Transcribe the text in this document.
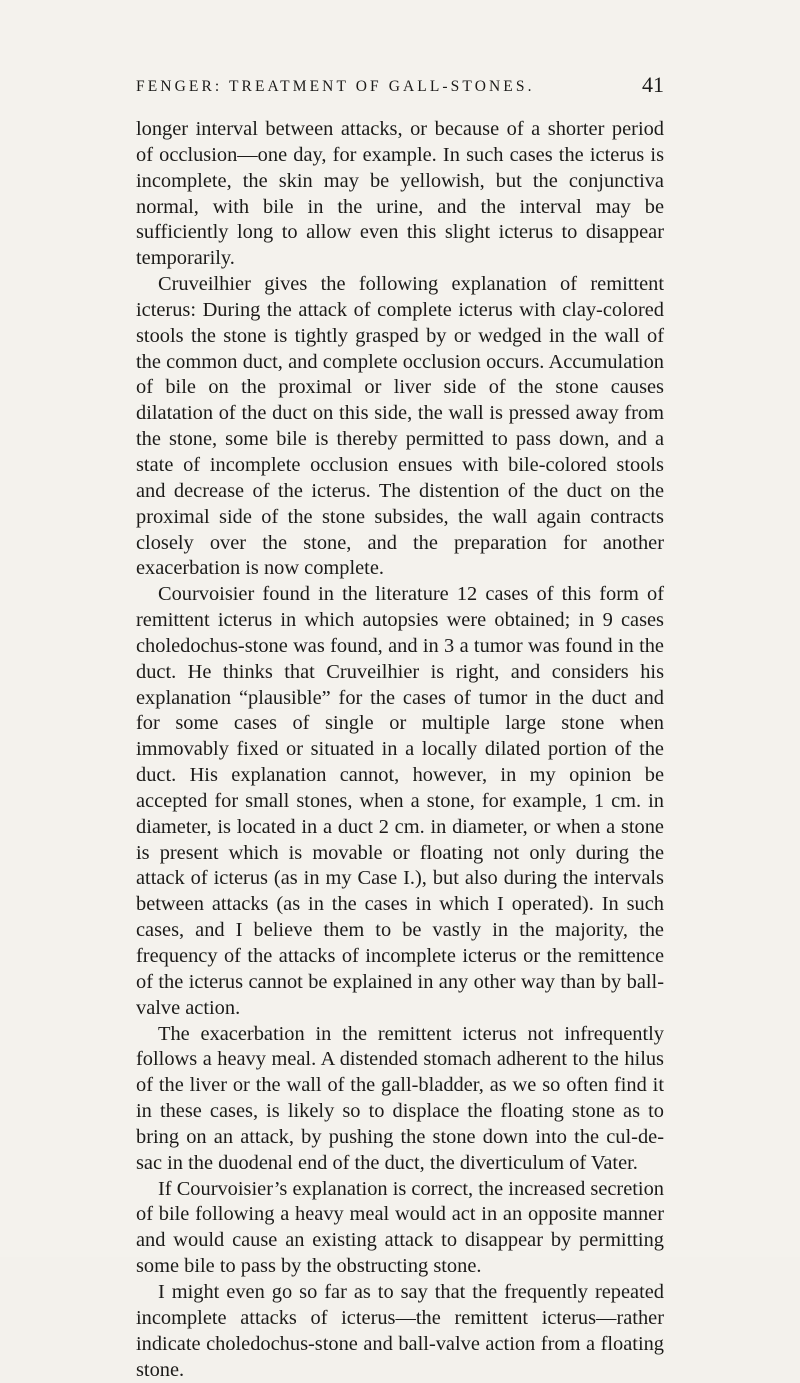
FENGER: TREATMENT OF GALL-STONES.	41

longer interval between attacks, or because of a shorter period of occlusion—one day, for example. In such cases the icterus is incomplete, the skin may be yellowish, but the conjunctiva normal, with bile in the urine, and the interval may be sufficiently long to allow even this slight icterus to disappear temporarily.

Cruveilhier gives the following explanation of remittent icterus: During the attack of complete icterus with clay-colored stools the stone is tightly grasped by or wedged in the wall of the common duct, and complete occlusion occurs. Accumulation of bile on the proximal or liver side of the stone causes dilatation of the duct on this side, the wall is pressed away from the stone, some bile is thereby permitted to pass down, and a state of incomplete occlusion ensues with bile-colored stools and decrease of the icterus. The distention of the duct on the proximal side of the stone subsides, the wall again contracts closely over the stone, and the preparation for another exacerbation is now complete.

Courvoisier found in the literature 12 cases of this form of remittent icterus in which autopsies were obtained; in 9 cases choledochus-stone was found, and in 3 a tumor was found in the duct. He thinks that Cruveilhier is right, and considers his explanation “plausible” for the cases of tumor in the duct and for some cases of single or multiple large stone when immovably fixed or situated in a locally dilated portion of the duct. His explanation cannot, however, in my opinion be accepted for small stones, when a stone, for example, 1 cm. in diameter, is located in a duct 2 cm. in diameter, or when a stone is present which is movable or floating not only during the attack of icterus (as in my Case I.), but also during the intervals between attacks (as in the cases in which I operated). In such cases, and I believe them to be vastly in the majority, the frequency of the attacks of incomplete icterus or the remittence of the icterus cannot be explained in any other way than by ball-valve action.

The exacerbation in the remittent icterus not infrequently follows a heavy meal. A distended stomach adherent to the hilus of the liver or the wall of the gall-bladder, as we so often find it in these cases, is likely so to displace the floating stone as to bring on an attack, by pushing the stone down into the cul-de-sac in the duodenal end of the duct, the diverticulum of Vater.

If Courvoisier’s explanation is correct, the increased secretion of bile following a heavy meal would act in an opposite manner and would cause an existing attack to disappear by permitting some bile to pass by the obstructing stone.

I might even go so far as to say that the frequently repeated incomplete attacks of icterus—the remittent icterus—rather indicate choledochus-stone and ball-valve action from a floating stone.
